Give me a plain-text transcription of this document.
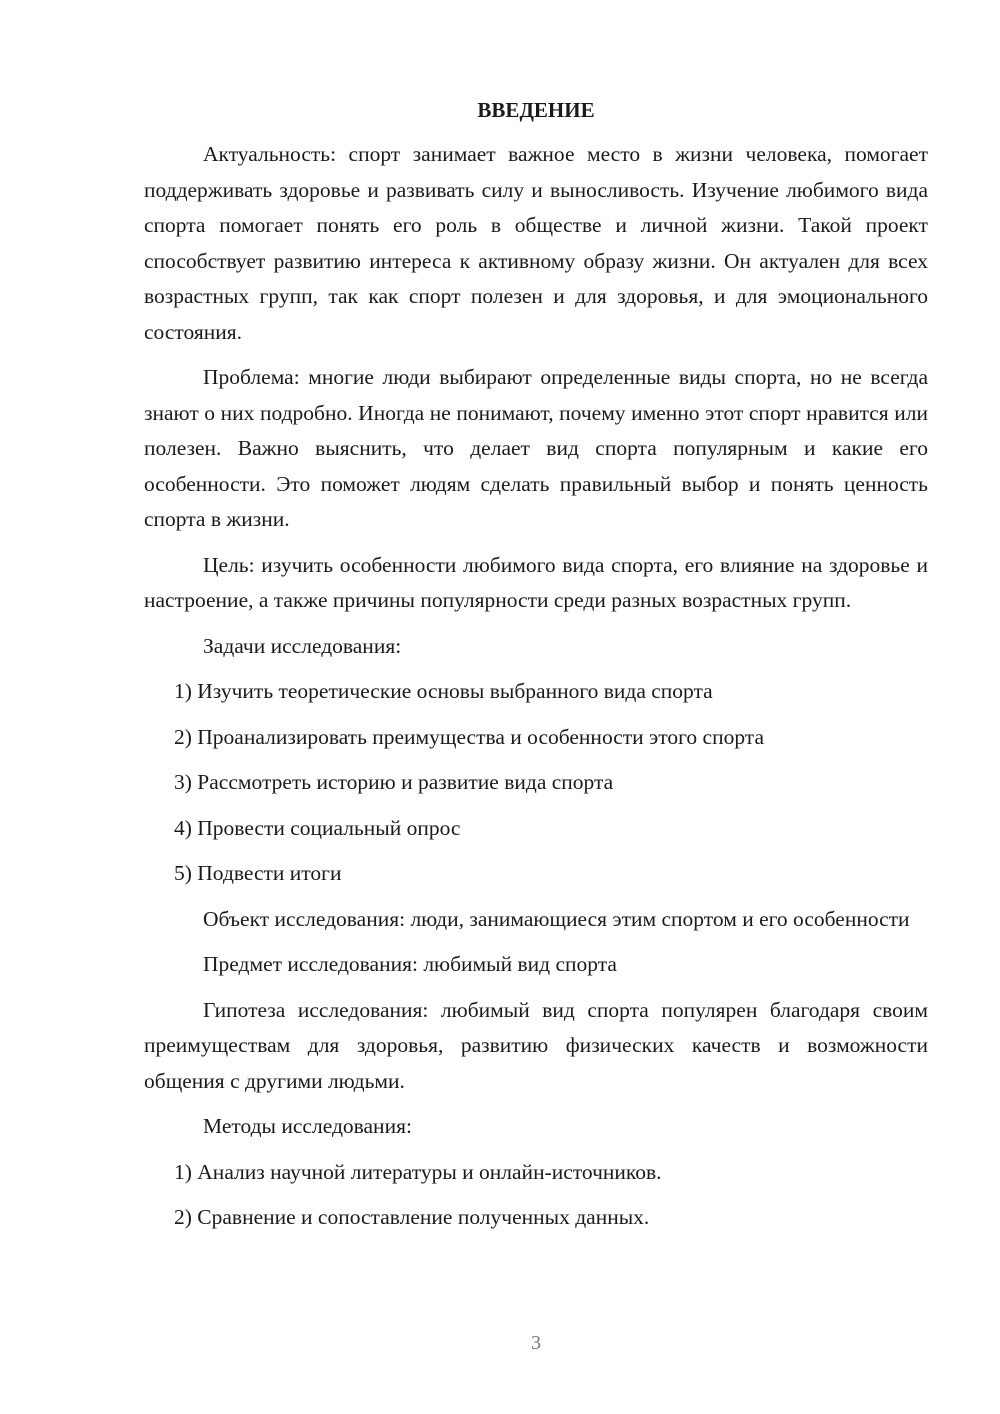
ВВЕДЕНИЕ

Актуальность: спорт занимает важное место в жизни человека, помогает поддерживать здоровье и развивать силу и выносливость. Изучение любимого вида спорта помогает понять его роль в обществе и личной жизни. Такой проект способствует развитию интереса к активному образу жизни. Он актуален для всех возрастных групп, так как спорт полезен и для здоровья, и для эмоционального состояния.

Проблема: многие люди выбирают определенные виды спорта, но не всегда знают о них подробно. Иногда не понимают, почему именно этот спорт нравится или полезен. Важно выяснить, что делает вид спорта популярным и какие его особенности. Это поможет людям сделать правильный выбор и понять ценность спорта в жизни.

Цель: изучить особенности любимого вида спорта, его влияние на здоровье и настроение, а также причины популярности среди разных возрастных групп.

Задачи исследования:

1) Изучить теоретические основы выбранного вида спорта

2) Проанализировать преимущества и особенности этого спорта

3) Рассмотреть историю и развитие вида спорта

4) Провести социальный опрос

5) Подвести итоги

Объект исследования: люди, занимающиеся этим спортом и его особенности

Предмет исследования: любимый вид спорта

Гипотеза исследования: любимый вид спорта популярен благодаря своим преимуществам для здоровья, развитию физических качеств и возможности общения с другими людьми.

Методы исследования:

1) Анализ научной литературы и онлайн-источников.

2) Сравнение и сопоставление полученных данных.

3
